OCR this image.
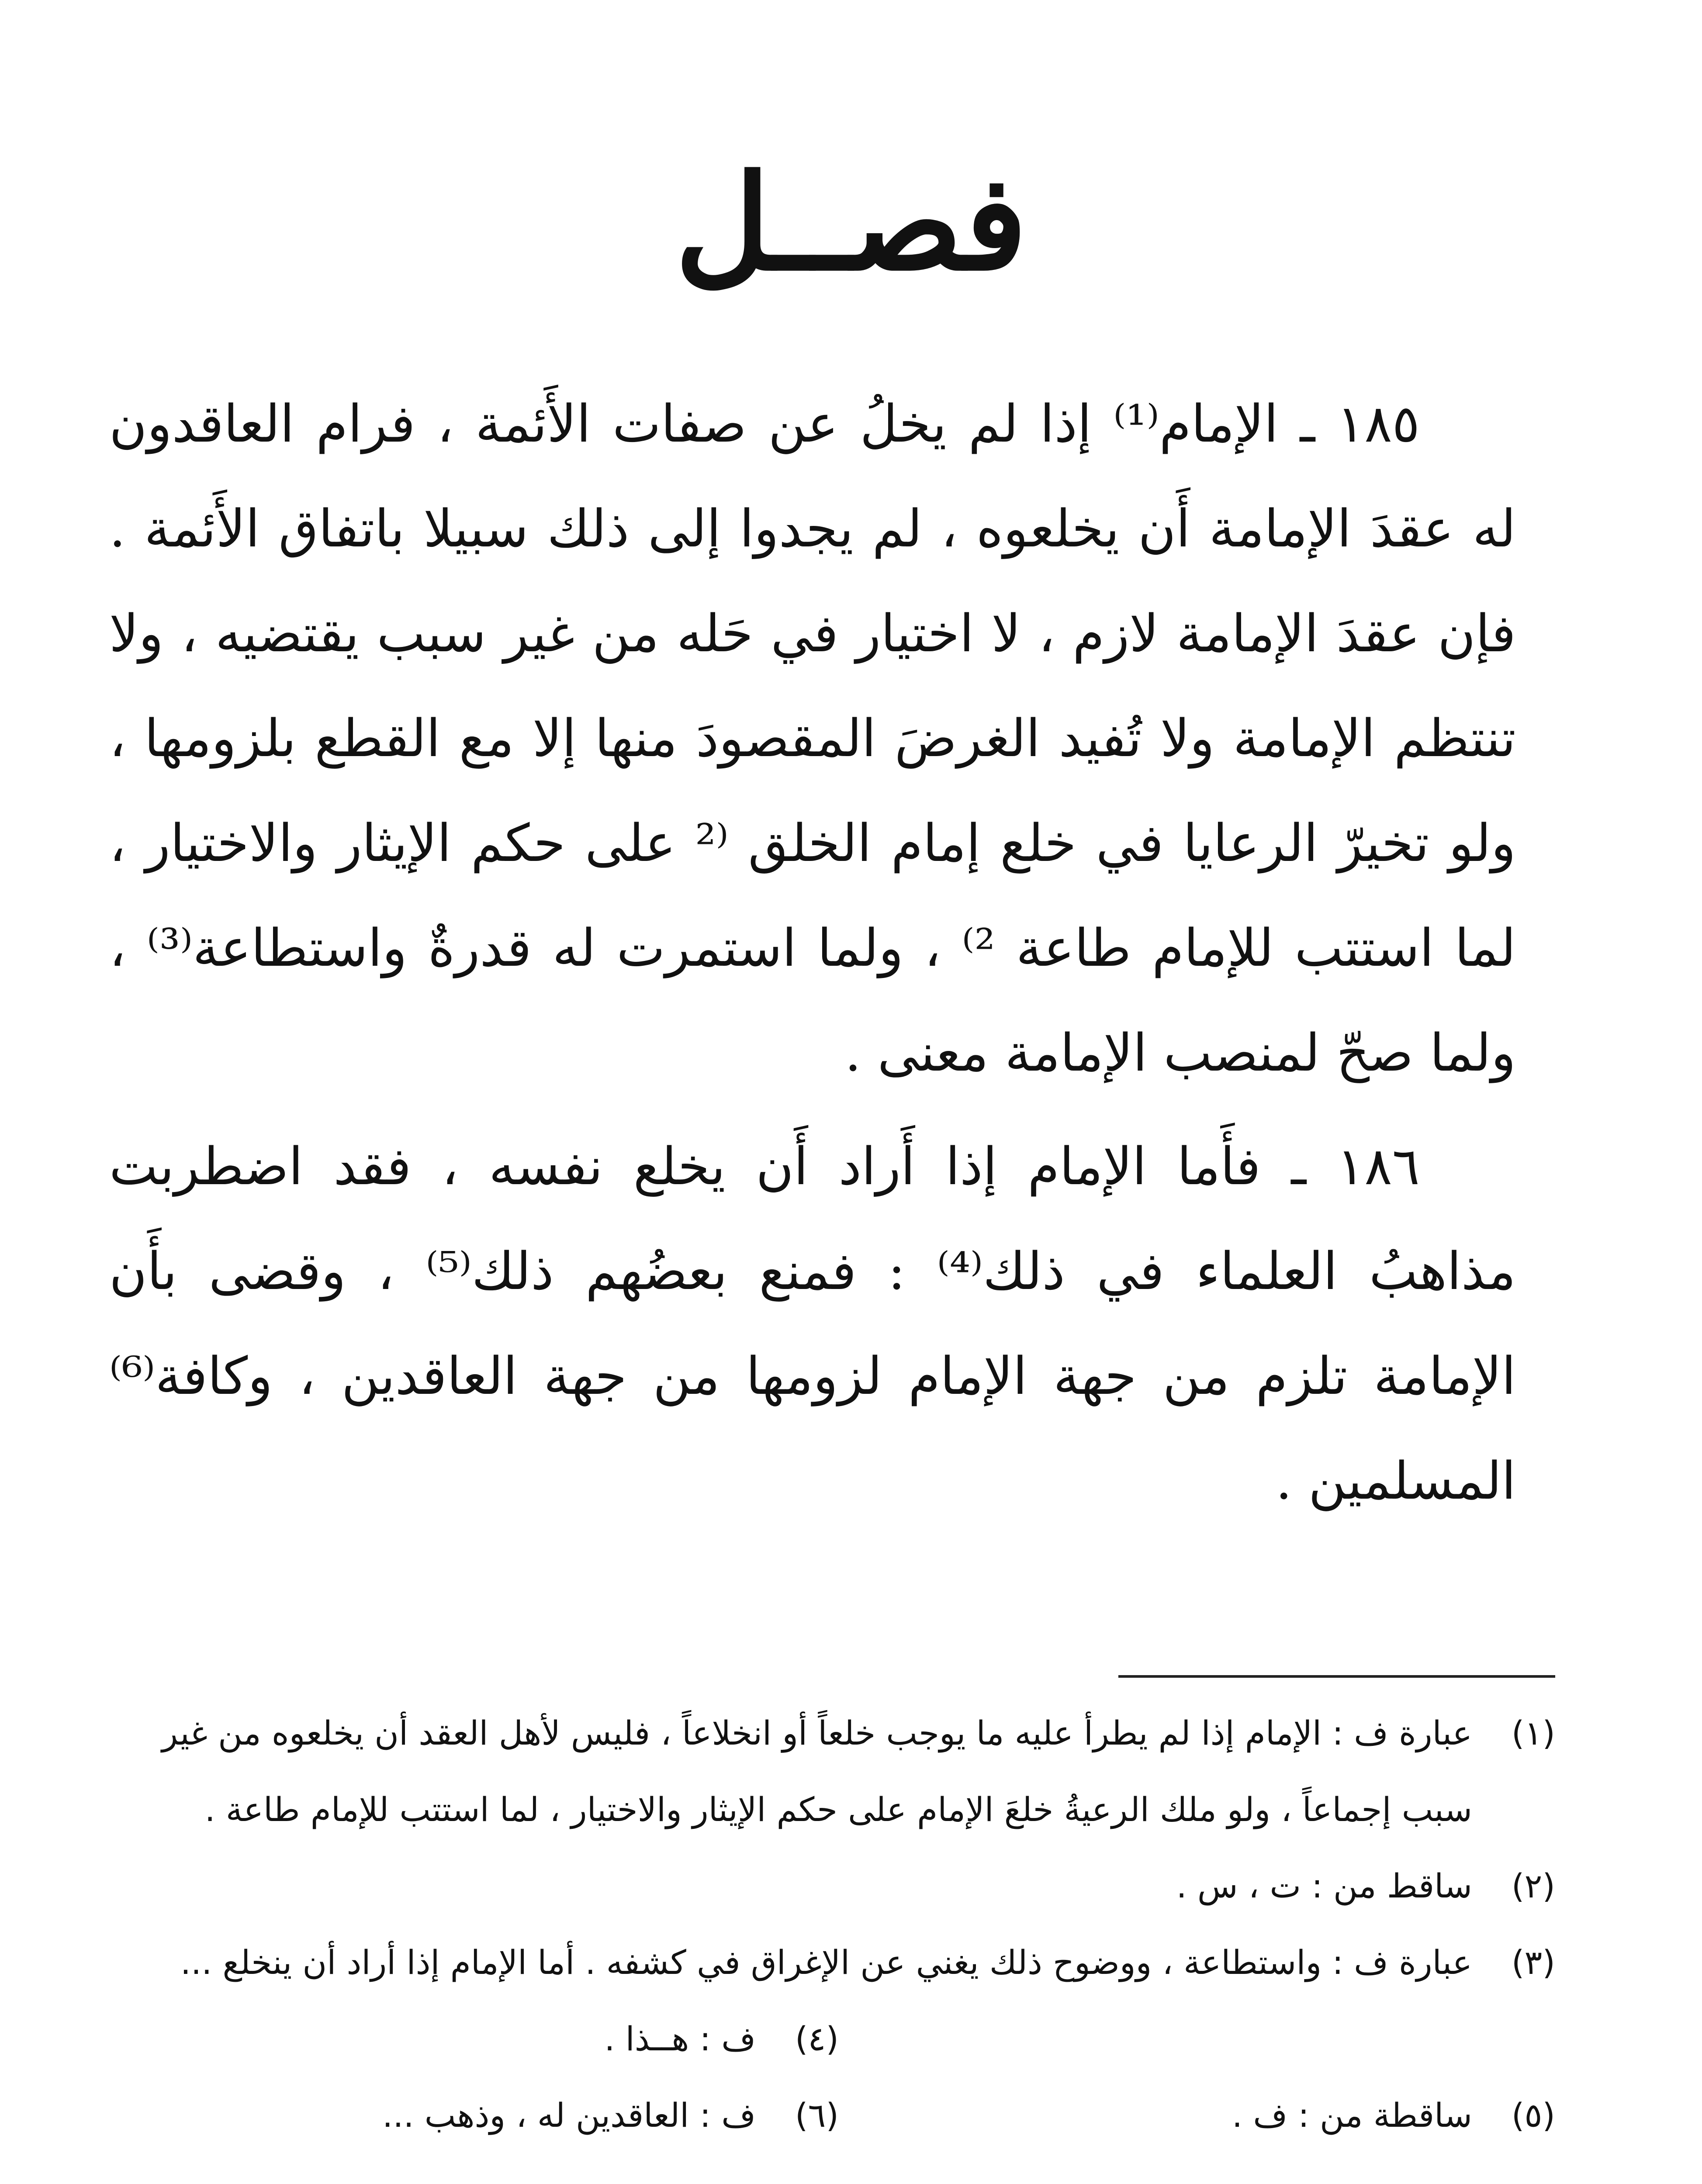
فصــل

١٨٥ ـ الإمام⁽¹⁾ إذا لم يخلُ عن صفات الأَئمة ، فرام العاقدون له عقدَ الإمامة أَن يخلعوه ، لم يجدوا إلى ذلك سبيلا باتفاق الأَئمة . فإن عقدَ الإمامة لازم ، لا اختيار في حَله من غير سبب يقتضيه ، ولا تنتظم الإمامة ولا تُفيد الغرضَ المقصودَ منها إلا مع القطع بلزومها ، ولو تخيرّ الرعايا في خلع إمام الخلق ⁽² على حكم الإيثار والاختيار ، لما استتب للإمام طاعة ²⁾ ، ولما استمرت له قدرةٌ واستطاعة⁽³⁾ ، ولما صحّ لمنصب الإمامة معنى .

١٨٦ ـ فأَما الإمام إذا أَراد أَن يخلع نفسه ، فقد اضطربت مذاهبُ العلماء في ذلك⁽⁴⁾ : فمنع بعضُهم ذلك⁽⁵⁾ ، وقضى بأَن الإمامة تلزم من جهة الإمام لزومها من جهة العاقدين ، وكافة⁽⁶⁾ المسلمين .

(١)
عبارة ف : الإمام إذا لم يطرأ عليه ما يوجب خلعاً أو انخلاعاً ، فليس لأهل العقد أن يخلعوه من غير سبب إجماعاً ، ولو ملك الرعيةُ خلعَ الإمام على حكم الإيثار والاختيار ، لما استتب للإمام طاعة .
(٢)
ساقط من : ت ، س .
(٣)
عبارة ف : واستطاعة ، ووضوح ذلك يغني عن الإغراق في كشفه . أما الإمام إذا أراد أن ينخلع ...
(٤)
ف : هــذا .
(٥)
ساقطة من : ف .
(٦)
ف : العاقدين له ، وذهب ...
